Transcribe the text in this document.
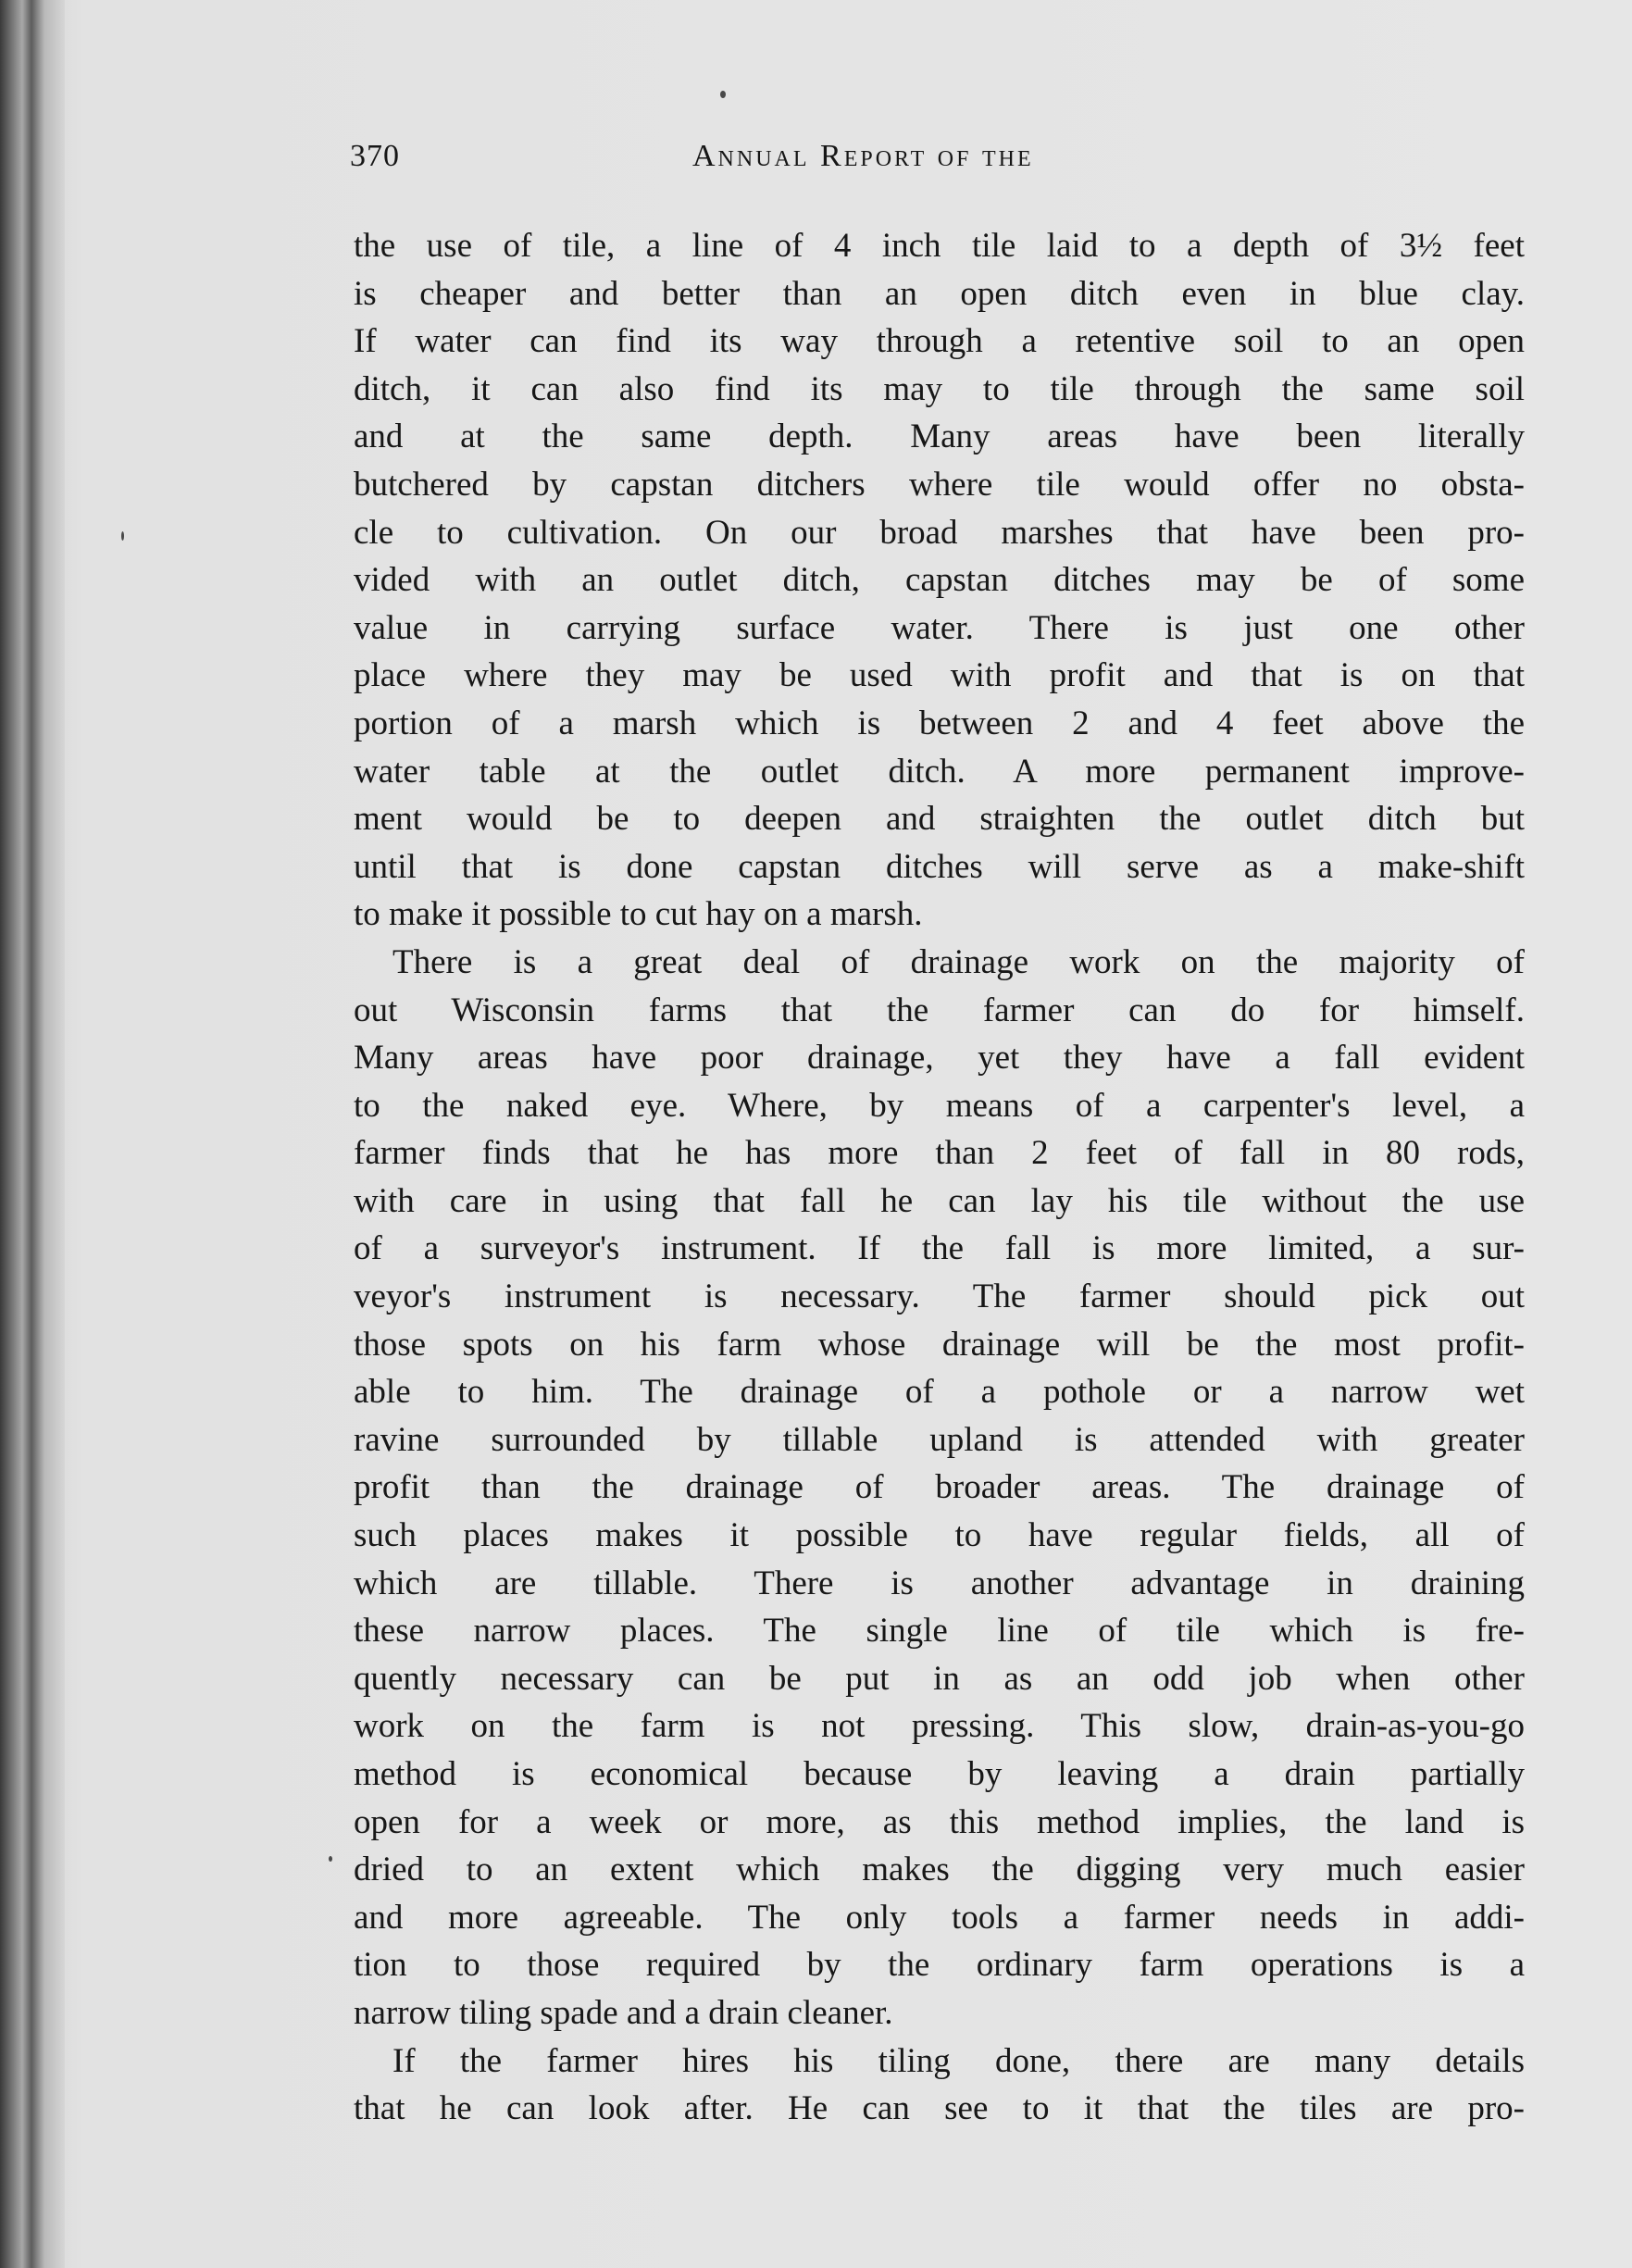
370	Annual Report of the
the use of tile, a line of 4 inch tile laid to a depth of 3½ feet
is cheaper and better than an open ditch even in blue clay.
If water can find its way through a retentive soil to an open
ditch, it can also find its may to tile through the same soil
and at the same depth. Many areas have been literally
butchered by capstan ditchers where tile would offer no obsta-
cle to cultivation. On our broad marshes that have been pro-
vided with an outlet ditch, capstan ditches may be of some
value in carrying surface water. There is just one other
place where they may be used with profit and that is on that
portion of a marsh which is between 2 and 4 feet above the
water table at the outlet ditch. A more permanent improve-
ment would be to deepen and straighten the outlet ditch but
until that is done capstan ditches will serve as a make-shift
to make it possible to cut hay on a marsh.
There is a great deal of drainage work on the majority of
out Wisconsin farms that the farmer can do for himself.
Many areas have poor drainage, yet they have a fall evident
to the naked eye. Where, by means of a carpenter's level, a
farmer finds that he has more than 2 feet of fall in 80 rods,
with care in using that fall he can lay his tile without the use
of a surveyor's instrument. If the fall is more limited, a sur-
veyor's instrument is necessary. The farmer should pick out
those spots on his farm whose drainage will be the most profit-
able to him. The drainage of a pothole or a narrow wet
ravine surrounded by tillable upland is attended with greater
profit than the drainage of broader areas. The drainage of
such places makes it possible to have regular fields, all of
which are tillable. There is another advantage in draining
these narrow places. The single line of tile which is fre-
quently necessary can be put in as an odd job when other
work on the farm is not pressing. This slow, drain-as-you-go
method is economical because by leaving a drain partially
open for a week or more, as this method implies, the land is
dried to an extent which makes the digging very much easier
and more agreeable. The only tools a farmer needs in addi-
tion to those required by the ordinary farm operations is a
narrow tiling spade and a drain cleaner.
If the farmer hires his tiling done, there are many details
that he can look after. He can see to it that the tiles are pro-
